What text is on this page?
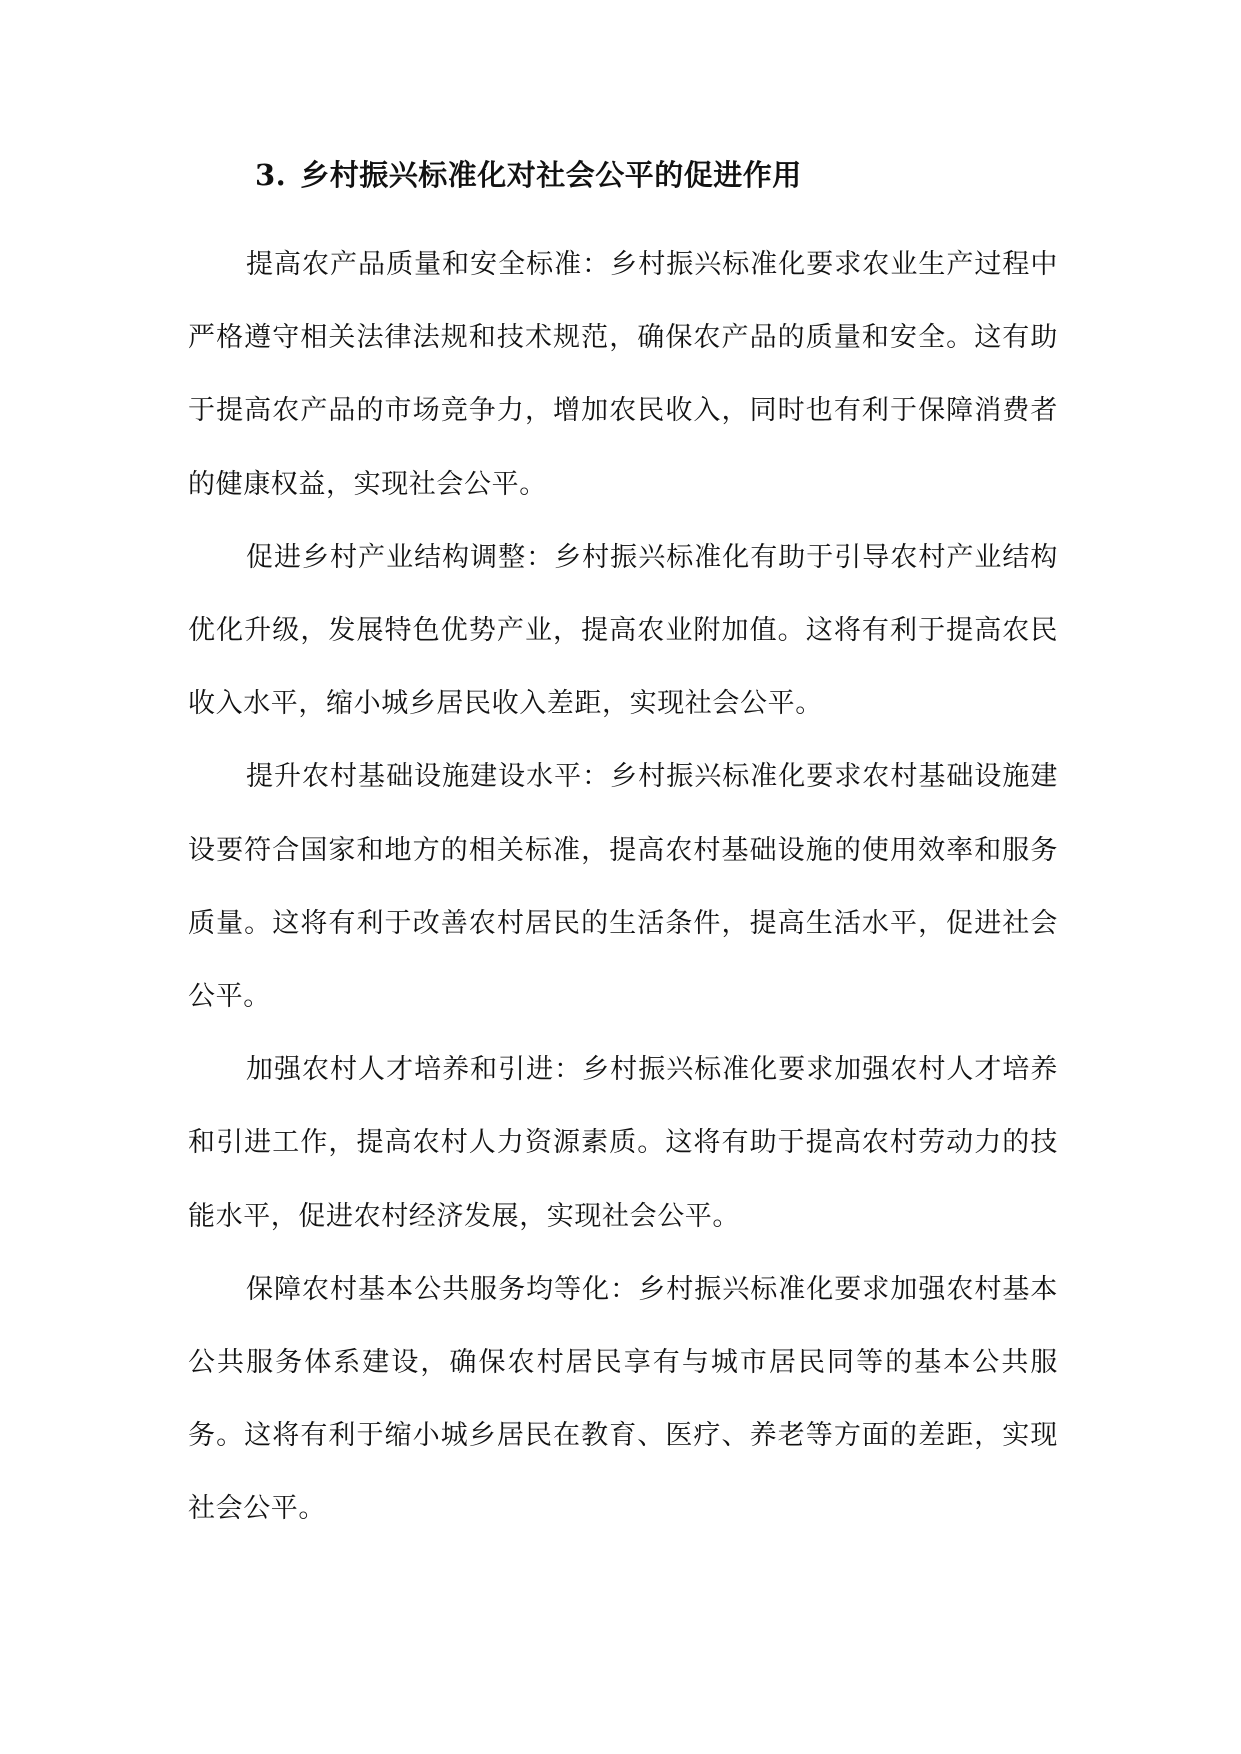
3. 乡村振兴标准化对社会公平的促进作用

提高农产品质量和安全标准：乡村振兴标准化要求农业生产过程中严格遵守相关法律法规和技术规范，确保农产品的质量和安全。这有助于提高农产品的市场竞争力，增加农民收入，同时也有利于保障消费者的健康权益，实现社会公平。

促进乡村产业结构调整：乡村振兴标准化有助于引导农村产业结构优化升级，发展特色优势产业，提高农业附加值。这将有利于提高农民收入水平，缩小城乡居民收入差距，实现社会公平。

提升农村基础设施建设水平：乡村振兴标准化要求农村基础设施建设要符合国家和地方的相关标准，提高农村基础设施的使用效率和服务质量。这将有利于改善农村居民的生活条件，提高生活水平，促进社会公平。

加强农村人才培养和引进：乡村振兴标准化要求加强农村人才培养和引进工作，提高农村人力资源素质。这将有助于提高农村劳动力的技能水平，促进农村经济发展，实现社会公平。

保障农村基本公共服务均等化：乡村振兴标准化要求加强农村基本公共服务体系建设，确保农村居民享有与城市居民同等的基本公共服务。这将有利于缩小城乡居民在教育、医疗、养老等方面的差距，实现社会公平。
